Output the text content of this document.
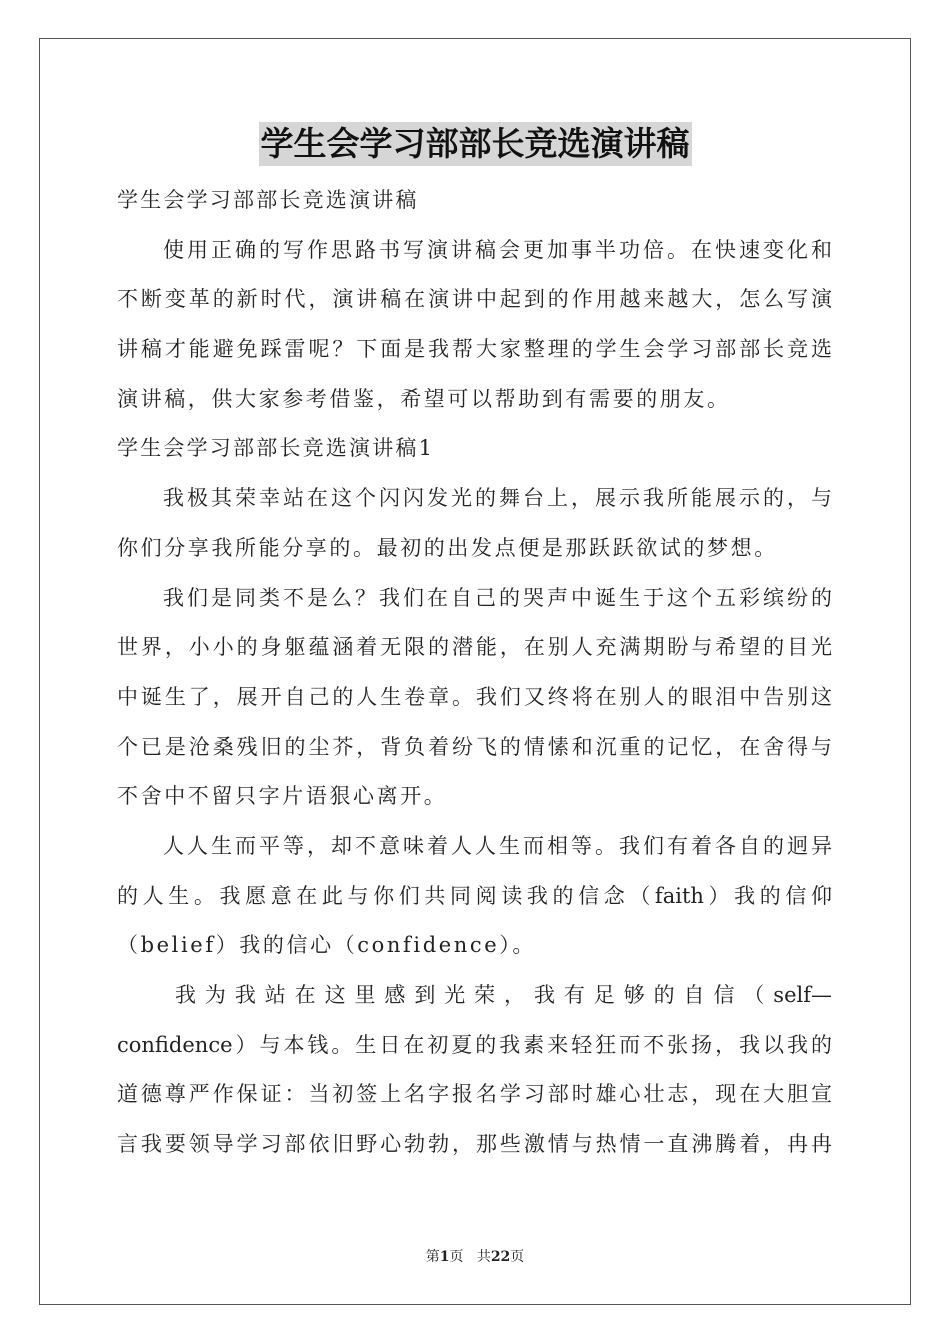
学生会学习部部长竞选演讲稿
学生会学习部部长竞选演讲稿
使用正确的写作思路书写演讲稿会更加事半功倍。在快速变化和
不断变革的新时代，演讲稿在演讲中起到的作用越来越大，怎么写演
讲稿才能避免踩雷呢？下面是我帮大家整理的学生会学习部部长竞选
演讲稿，供大家参考借鉴，希望可以帮助到有需要的朋友。
学生会学习部部长竞选演讲稿1
我极其荣幸站在这个闪闪发光的舞台上，展示我所能展示的，与
你们分享我所能分享的。最初的出发点便是那跃跃欲试的梦想。
我们是同类不是么？我们在自己的哭声中诞生于这个五彩缤纷的
世界，小小的身躯蕴涵着无限的潜能，在别人充满期盼与希望的目光
中诞生了，展开自己的人生卷章。我们又终将在别人的眼泪中告别这
个已是沧桑残旧的尘芥，背负着纷飞的情愫和沉重的记忆，在舍得与
不舍中不留只字片语狠心离开。
人人生而平等，却不意味着人人生而相等。我们有着各自的迥异
的人生。我愿意在此与你们共同阅读我的信念（faith）我的信仰
（belief）我的信心（confidence）。
我为我站在这里感到光荣，我有足够的自信（self—
confidence）与本钱。生日在初夏的我素来轻狂而不张扬，我以我的
道德尊严作保证：当初签上名字报名学习部时雄心壮志，现在大胆宣
言我要领导学习部依旧野心勃勃，那些激情与热情一直沸腾着，冉冉
第1页 共22页
